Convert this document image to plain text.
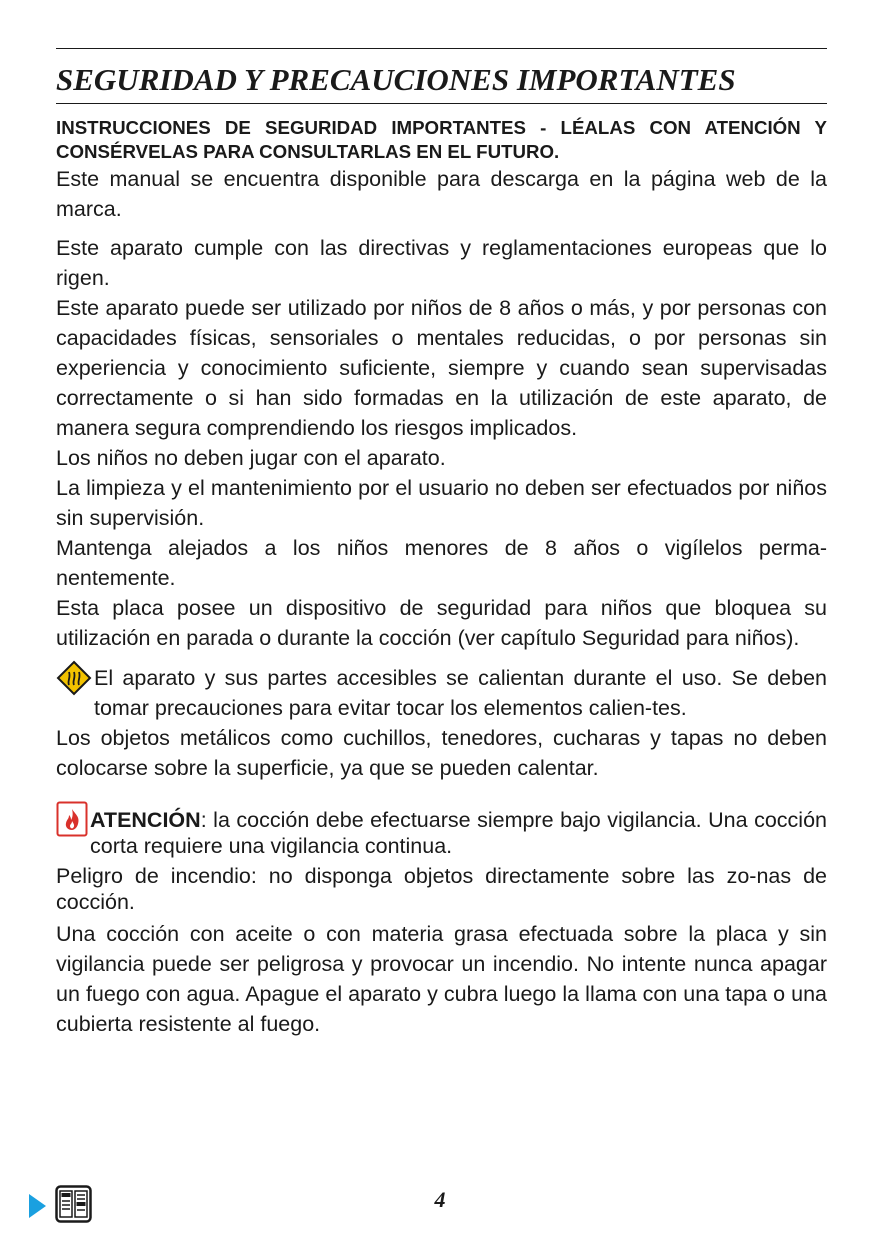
SEGURIDAD Y PRECAUCIONES IMPORTANTES

INSTRUCCIONES DE SEGURIDAD IMPORTANTES - LÉALAS CON ATENCIÓN Y CONSÉRVELAS PARA CONSULTARLAS EN EL FUTURO.

Este manual se encuentra disponible para descarga en la página web de la marca.

Este aparato cumple con las directivas y reglamentaciones europeas que lo rigen.

Este aparato puede ser utilizado por niños de 8 años o más, y por personas con capacidades físicas, sensoriales o mentales reducidas, o por personas sin experiencia y conocimiento suficiente, siempre y cuando sean supervisadas correctamente o si han sido formadas en la utilización de este aparato, de manera segura comprendiendo los riesgos implicados.

Los niños no deben jugar con el aparato.

La limpieza y el mantenimiento por el usuario no deben ser efectuados por niños sin supervisión.

Mantenga alejados a los niños menores de 8 años o vigílelos perma-nentemente.

Esta placa posee un dispositivo de seguridad para niños que bloquea su utilización en parada o durante la cocción (ver capítulo Seguridad para niños).

El aparato y sus partes accesibles se calientan durante el uso. Se deben tomar precauciones para evitar tocar los elementos calien-tes.

Los objetos metálicos como cuchillos, tenedores, cucharas y tapas no deben colocarse sobre la superficie, ya que se pueden calentar.

ATENCIÓN: la cocción debe efectuarse siempre bajo vigilancia. Una cocción corta requiere una vigilancia continua.

Peligro de incendio: no disponga objetos directamente sobre las zo-nas de cocción.

Una cocción con aceite o con materia grasa efectuada sobre la placa y sin vigilancia puede ser peligrosa y provocar un incendio. No intente nunca apagar un fuego con agua. Apague el aparato y cubra luego la llama con una tapa o una cubierta resistente al fuego.

4
